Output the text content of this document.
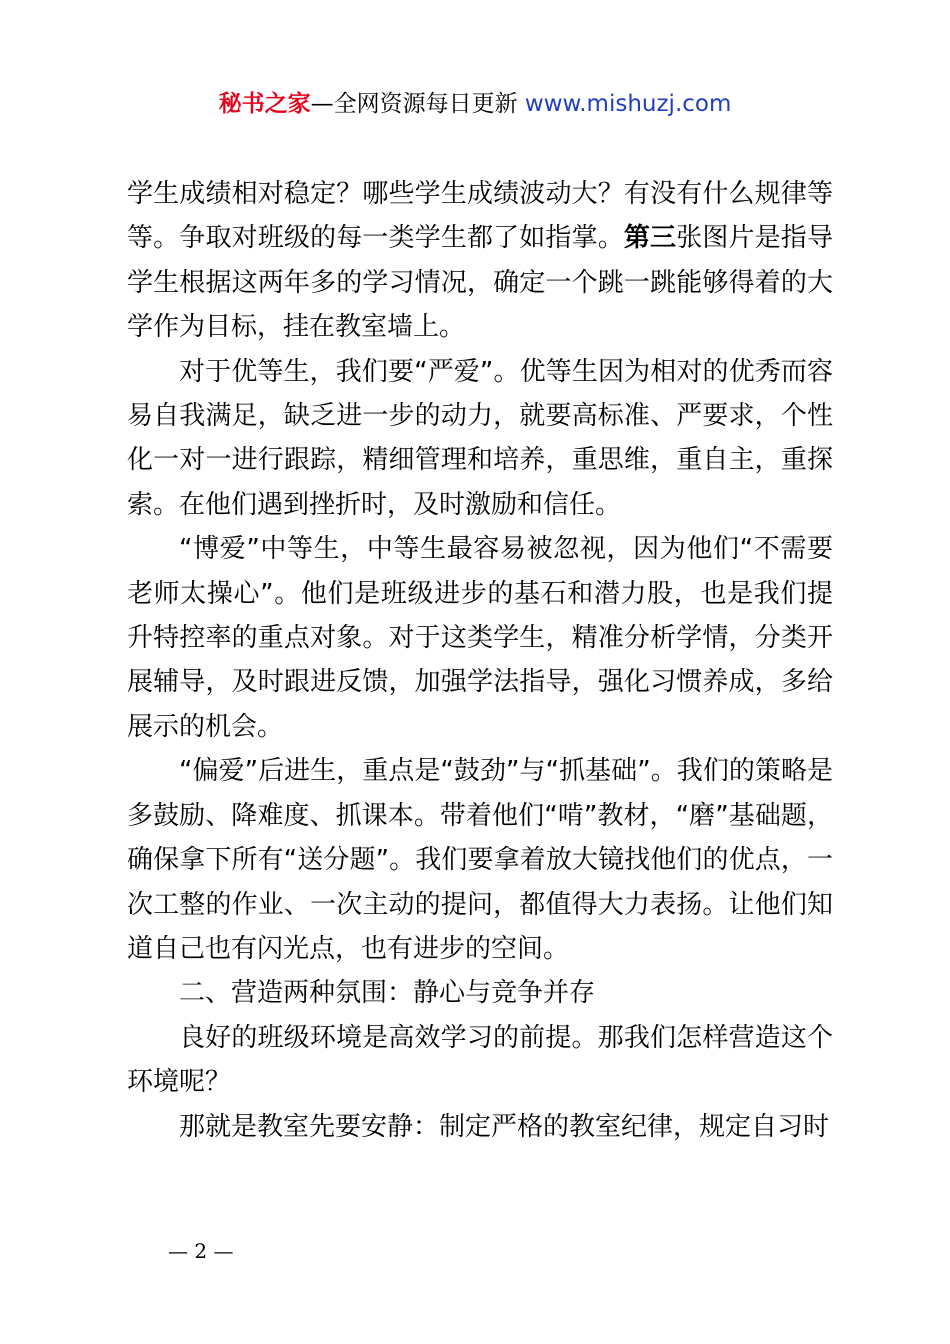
秘书之家—全网资源每日更新 www.mishuzj.com

学生成绩相对稳定？哪些学生成绩波动大？有没有什么规律等等。争取对班级的每一类学生都了如指掌。第三张图片是指导学生根据这两年多的学习情况，确定一个跳一跳能够得着的大学作为目标，挂在教室墙上。

对于优等生，我们要“严爱”。优等生因为相对的优秀而容易自我满足，缺乏进一步的动力，就要高标准、严要求，个性化一对一进行跟踪，精细管理和培养，重思维，重自主，重探索。在他们遇到挫折时，及时激励和信任。

“博爱”中等生，中等生最容易被忽视，因为他们“不需要老师太操心”。他们是班级进步的基石和潜力股，也是我们提升特控率的重点对象。对于这类学生，精准分析学情，分类开展辅导，及时跟进反馈，加强学法指导，强化习惯养成，多给展示的机会。

“偏爱”后进生，重点是“鼓劲”与“抓基础”。我们的策略是多鼓励、降难度、抓课本。带着他们“啃”教材，“磨”基础题，确保拿下所有“送分题”。我们要拿着放大镜找他们的优点，一次工整的作业、一次主动的提问，都值得大力表扬。让他们知道自己也有闪光点，也有进步的空间。

二、营造两种氛围：静心与竞争并存

良好的班级环境是高效学习的前提。那我们怎样营造这个环境呢？

那就是教室先要安静：制定严格的教室纪律，规定自习时

— 2 —
